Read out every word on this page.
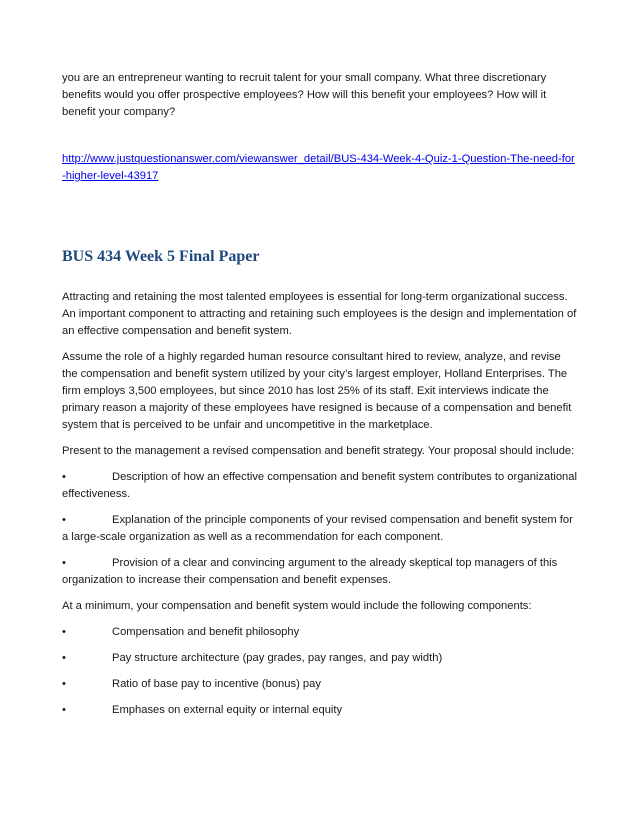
you are an entrepreneur wanting to recruit talent for your small company. What three discretionary benefits would you offer prospective employees? How will this benefit your employees? How will it benefit your company?

http://www.justquestionanswer.com/viewanswer_detail/BUS-434-Week-4-Quiz-1-Question-The-need-for-higher-level-43917
BUS 434 Week 5 Final Paper

Attracting and retaining the most talented employees is essential for long-term organizational success. An important component to attracting and retaining such employees is the design and implementation of an effective compensation and benefit system.

Assume the role of a highly regarded human resource consultant hired to review, analyze, and revise the compensation and benefit system utilized by your city’s largest employer, Holland Enterprises. The firm employs 3,500 employees, but since 2010 has lost 25% of its staff. Exit interviews indicate the primary reason a majority of these employees have resigned is because of a compensation and benefit system that is perceived to be unfair and uncompetitive in the marketplace.

Present to the management a revised compensation and benefit strategy. Your proposal should include:

•	Description of how an effective compensation and benefit system contributes to organizational effectiveness.

•	Explanation of the principle components of your revised compensation and benefit system for a large-scale organization as well as a recommendation for each component.

•	Provision of a clear and convincing argument to the already skeptical top managers of this organization to increase their compensation and benefit expenses.

At a minimum, your compensation and benefit system would include the following components:

•	Compensation and benefit philosophy

•	Pay structure architecture (pay grades, pay ranges, and pay width)

•	Ratio of base pay to incentive (bonus) pay

•	Emphases on external equity or internal equity
